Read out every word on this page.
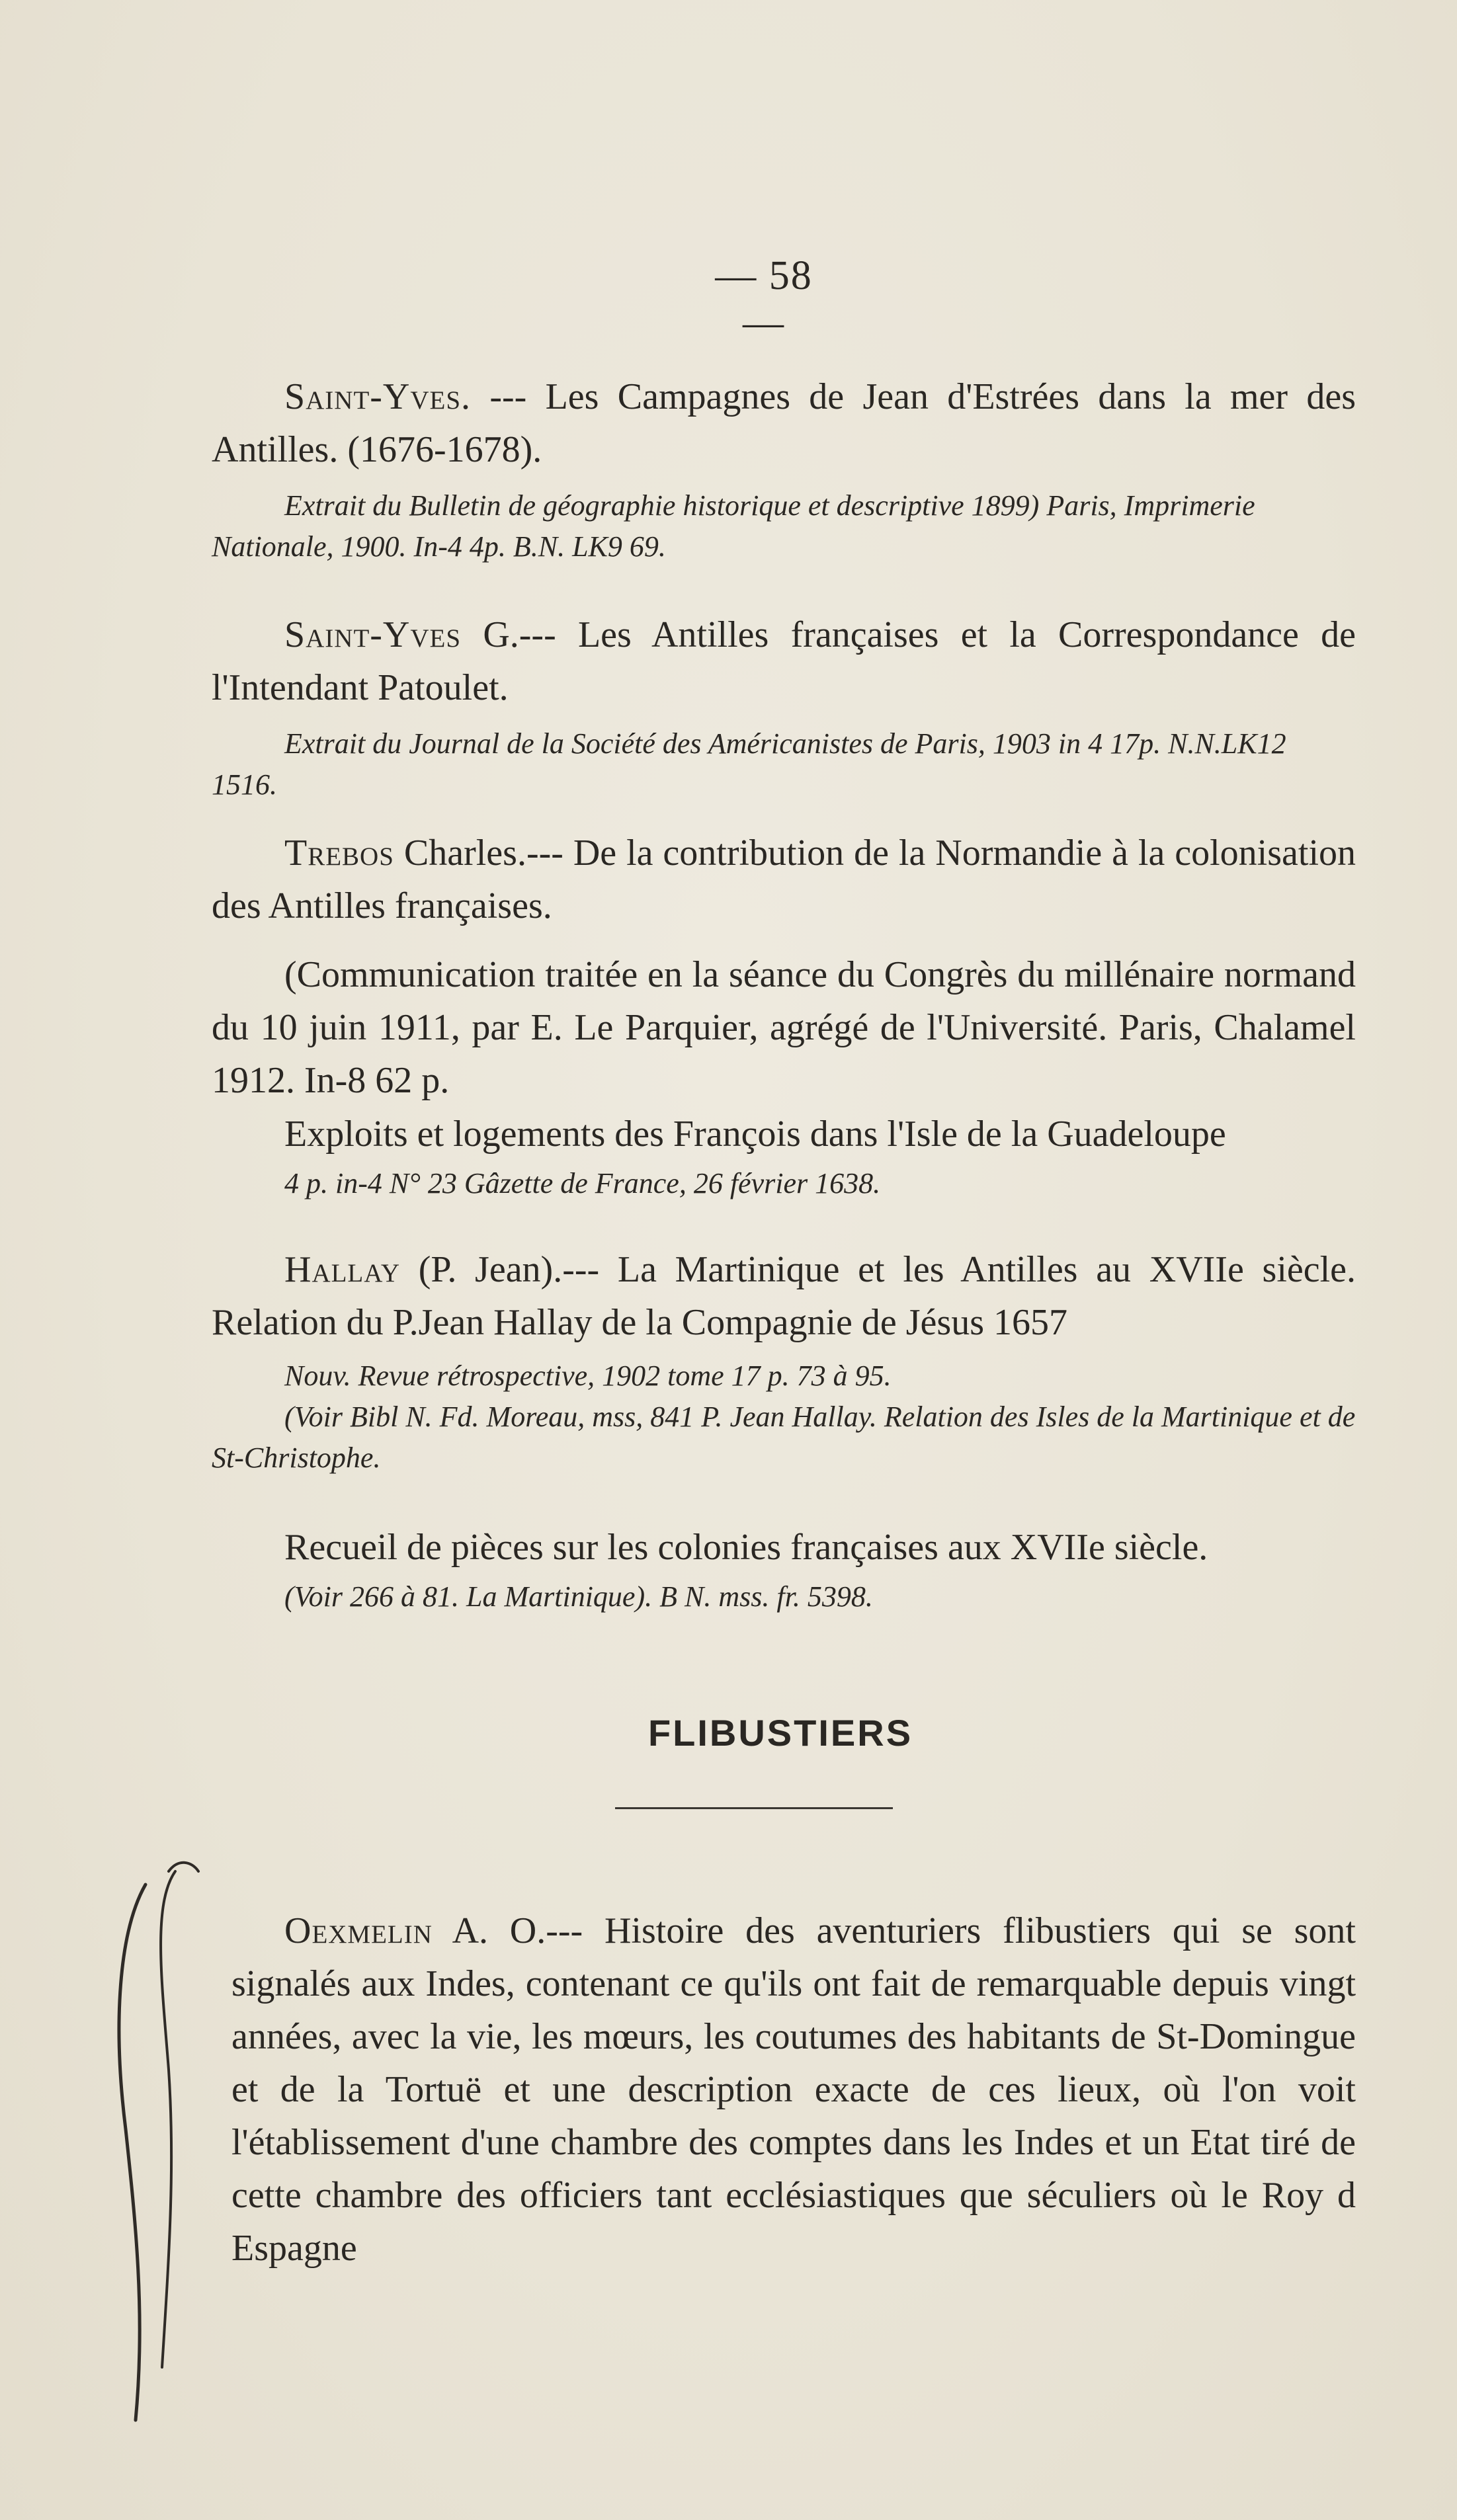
— 58 —
Saint-Yves. --- Les Campagnes de Jean d'Estrées dans la mer des Antilles. (1676-1678).
Extrait du Bulletin de géographie historique et descriptive 1899) Paris, Imprimerie Nationale, 1900. In-4 4p. B.N. LK9 69.
Saint-Yves G.--- Les Antilles françaises et la Correspondance de l'Intendant Patoulet.
Extrait du Journal de la Société des Américanistes de Paris, 1903 in 4 17p. N.N.LK12 1516.
Trebos Charles.--- De la contribution de la Normandie à la colonisation des Antilles françaises.
(Communication traitée en la séance du Congrès du millénaire normand du 10 juin 1911, par E. Le Parquier, agrégé de l'Université. Paris, Chalamel 1912. In-8 62 p.
Exploits et logements des François dans l'Isle de la Guadeloupe
4 p. in-4 N° 23 Gâzette de France, 26 février 1638.
Hallay (P. Jean).--- La Martinique et les Antilles au XVIIe siècle. Relation du P.Jean Hallay de la Compagnie de Jésus 1657
Nouv. Revue rétrospective, 1902 tome 17 p. 73 à 95.
(Voir Bibl N. Fd. Moreau, mss, 841 P. Jean Hallay. Relation des Isles de la Martinique et de St-Christophe.
Recueil de pièces sur les colonies françaises aux XVIIe siècle.
(Voir 266 à 81. La Martinique). B N. mss. fr. 5398.
FLIBUSTIERS
Oexmelin A. O.--- Histoire des aventuriers flibustiers qui se sont signalés aux Indes, contenant ce qu'ils ont fait de remarquable depuis vingt années, avec la vie, les mœurs, les coutumes des habitants de St-Domingue et de la Tortuë et une description exacte de ces lieux, où l'on voit l'établissement d'une chambre des comptes dans les Indes et un Etat tiré de cette chambre des officiers tant ecclésiastiques que séculiers où le Roy d Espagne
